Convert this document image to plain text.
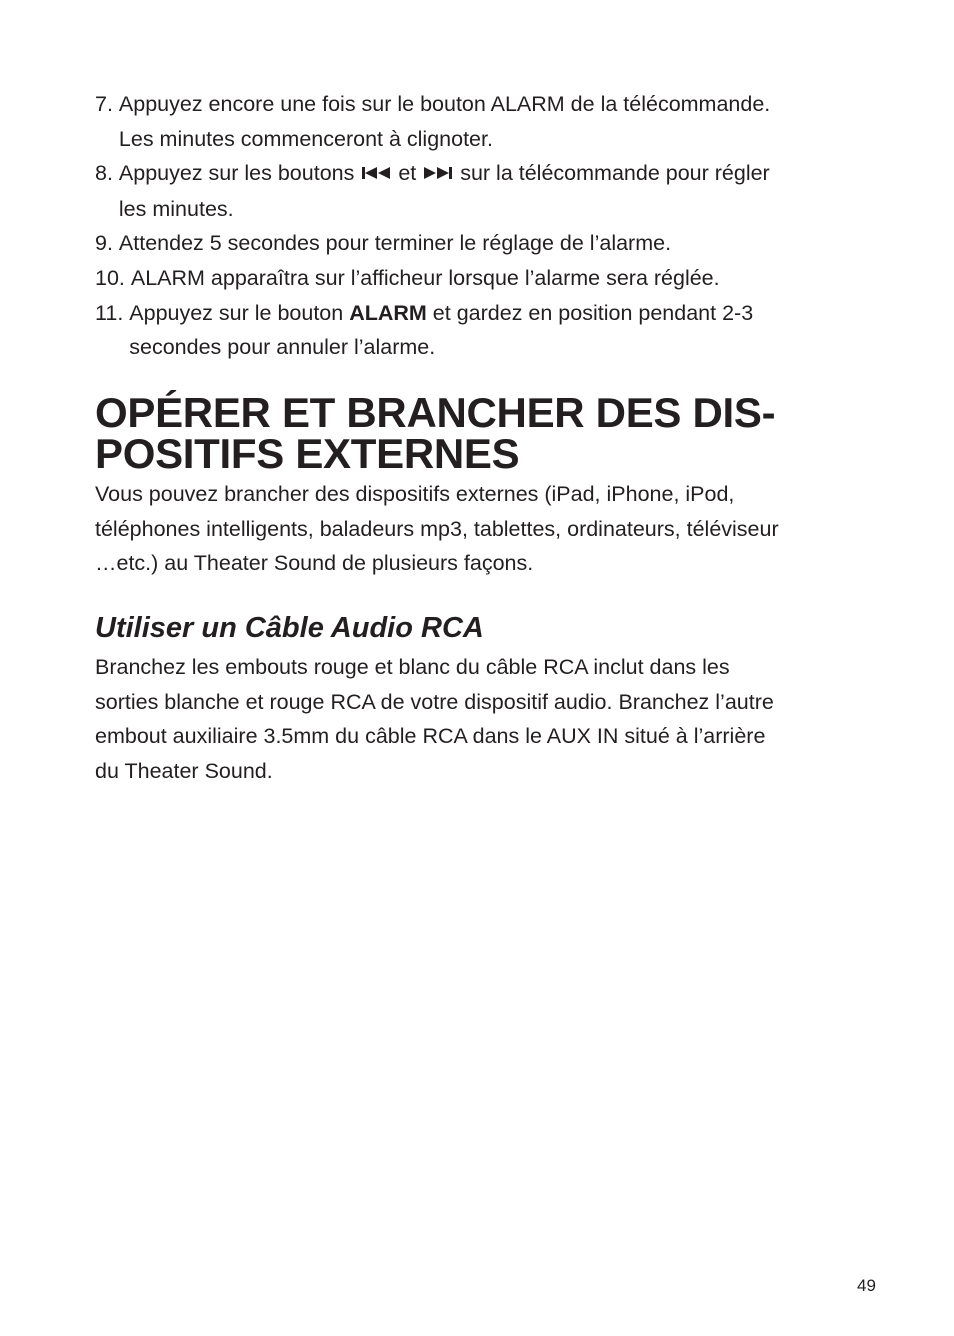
7. Appuyez encore une fois sur le bouton ALARM de la télécommande.
Les minutes commenceront à clignoter.
8. Appuyez sur les boutons  et  sur la télécommande pour régler
les minutes.
9. Attendez 5 secondes pour terminer le réglage de l’alarme.
10. ALARM apparaîtra sur l’afficheur lorsque l’alarme sera réglée.
11. Appuyez sur le bouton ALARM et gardez en position pendant 2-3
secondes pour annuler l’alarme.
OPÉRER ET BRANCHER DES DIS-
POSITIFS EXTERNES

Vous pouvez brancher des dispositifs externes (iPad, iPhone, iPod,
téléphones intelligents, baladeurs mp3, tablettes, ordinateurs, téléviseur
…etc.) au Theater Sound de plusieurs façons.

Utiliser un Câble Audio RCA

Branchez les embouts rouge et blanc du câble RCA inclut dans les
sorties blanche et rouge RCA de votre dispositif audio. Branchez l’autre
embout auxiliaire 3.5mm du câble RCA dans le AUX IN situé à l’arrière
du Theater Sound.

49
